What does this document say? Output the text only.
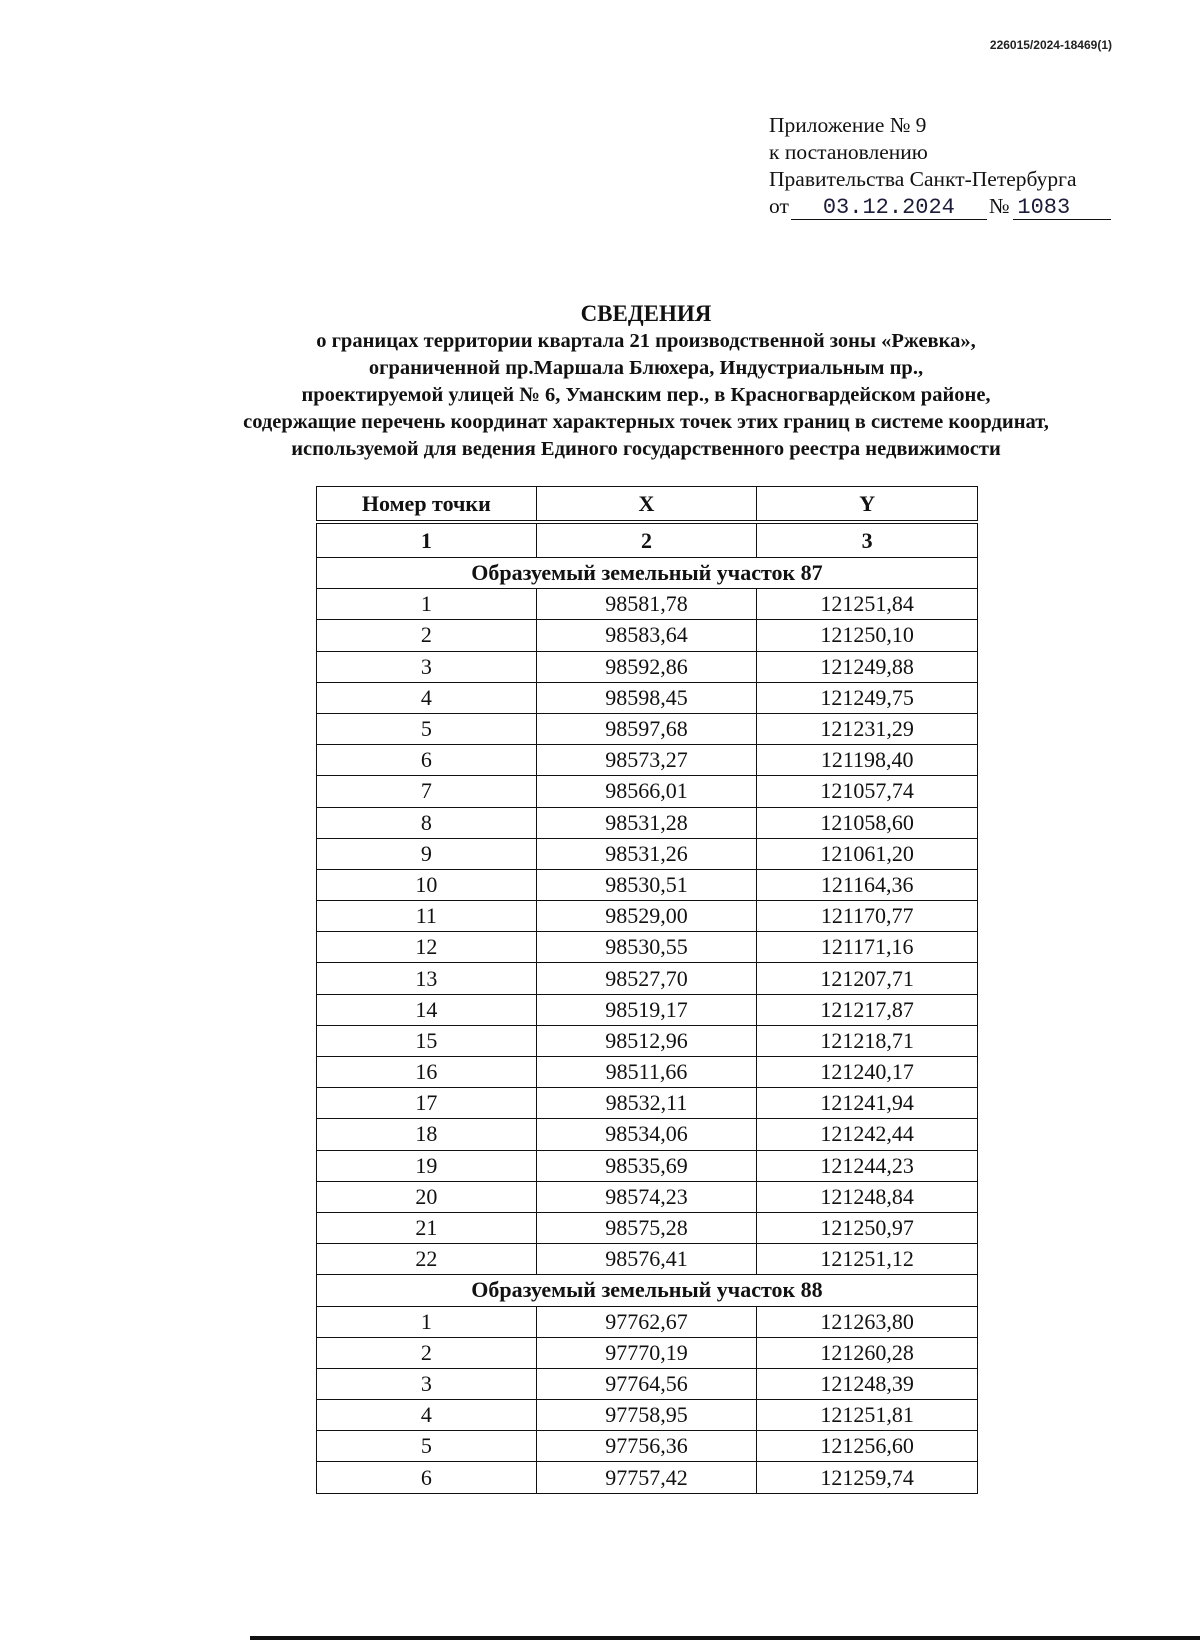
226015/2024-18469(1)
Приложение № 9
к постановлению
Правительства Санкт-Петербурга
от	03.12.2024	№ 1083
СВЕДЕНИЯ
о границах территории квартала 21 производственной зоны «Ржевка»,
ограниченной пр.Маршала Блюхера, Индустриальным пр.,
проектируемой улицей № 6, Уманским пер., в Красногвардейском районе,
содержащие перечень координат характерных точек этих границ в системе координат,
используемой для ведения Единого государственного реестра недвижимости
Номер точки	X	Y

1	2	3
Образуемый земельный участок 87		
1	98581,78	121251,84
2	98583,64	121250,10
3	98592,86	121249,88
4	98598,45	121249,75
5	98597,68	121231,29
6	98573,27	121198,40
7	98566,01	121057,74
8	98531,28	121058,60
9	98531,26	121061,20
10	98530,51	121164,36
11	98529,00	121170,77
12	98530,55	121171,16
13	98527,70	121207,71
14	98519,17	121217,87
15	98512,96	121218,71
16	98511,66	121240,17
17	98532,11	121241,94
18	98534,06	121242,44
19	98535,69	121244,23
20	98574,23	121248,84
21	98575,28	121250,97
22	98576,41	121251,12
Образуемый земельный участок 88		
1	97762,67	121263,80
2	97770,19	121260,28
3	97764,56	121248,39
4	97758,95	121251,81
5	97756,36	121256,60
6	97757,42	121259,74
